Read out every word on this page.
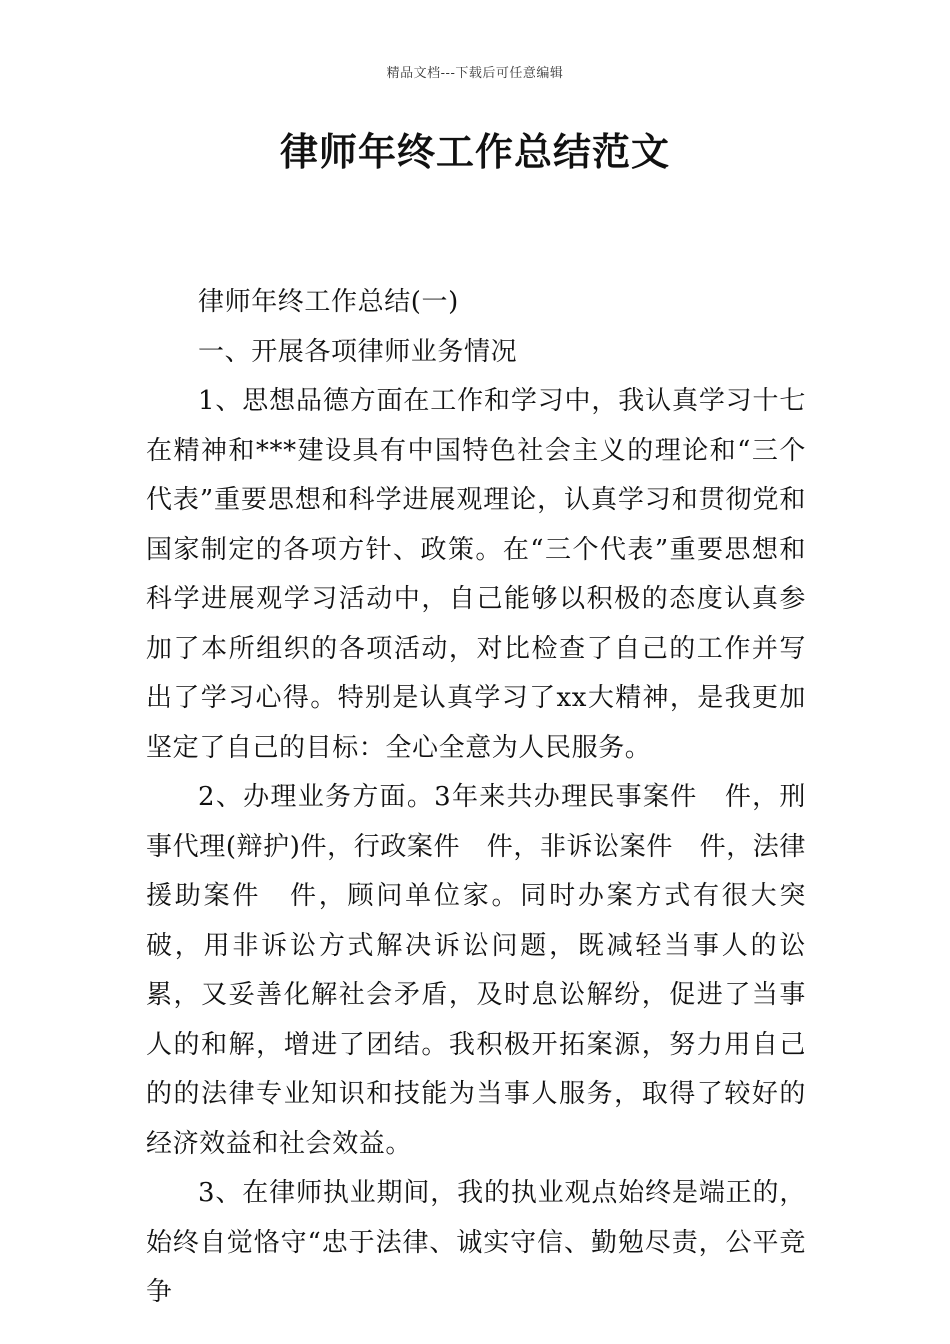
精品文档---下载后可任意编辑
律师年终工作总结范文

律师年终工作总结(一)

一、开展各项律师业务情况

1、思想品德方面在工作和学习中，我认真学习十七在精神和***建设具有中国特色社会主义的理论和“三个代表”重要思想和科学进展观理论，认真学习和贯彻党和国家制定的各项方针、政策。在“三个代表”重要思想和科学进展观学习活动中，自己能够以积极的态度认真参加了本所组织的各项活动，对比检查了自己的工作并写出了学习心得。特别是认真学习了xx大精神，是我更加坚定了自己的目标：全心全意为人民服务。

2、办理业务方面。3年来共办理民事案件　件，刑事代理(辩护)件，行政案件　件，非诉讼案件　件，法律援助案件　件，顾问单位家。同时办案方式有很大突破，用非诉讼方式解决诉讼问题，既减轻当事人的讼累，又妥善化解社会矛盾，及时息讼解纷，促进了当事人的和解，增进了团结。我积极开拓案源，努力用自己的的法律专业知识和技能为当事人服务，取得了较好的经济效益和社会效益。

3、在律师执业期间，我的执业观点始终是端正的，始终自觉恪守“忠于法律、诚实守信、勤勉尽责，公平竞争
